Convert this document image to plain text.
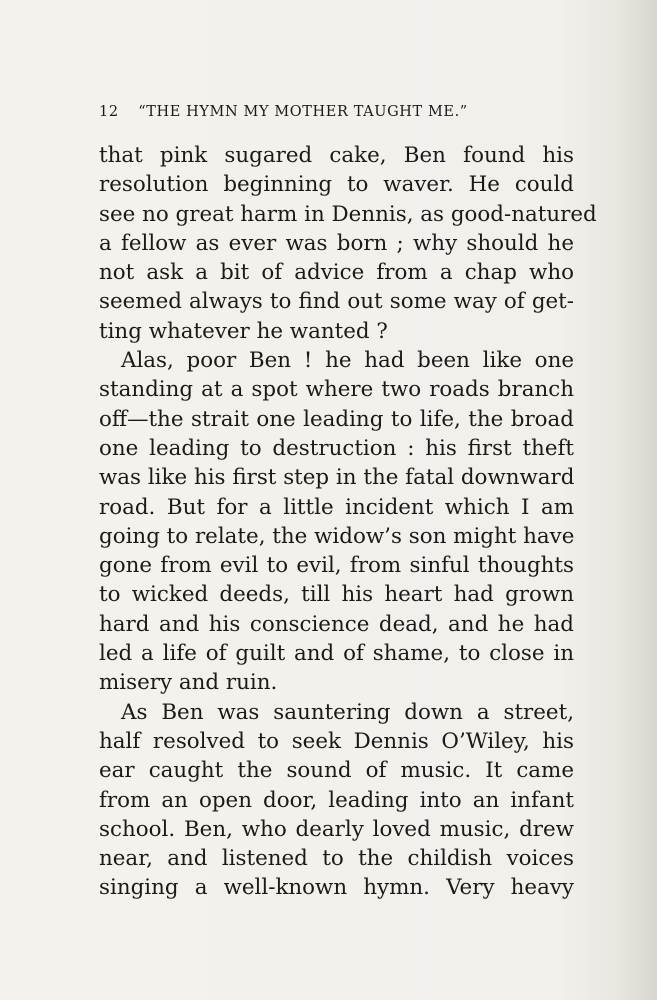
12 “THE HYMN MY MOTHER TAUGHT ME.”
that pink sugared cake, Ben found his
resolution beginning to waver. He could
see no great harm in Dennis, as good-natured
a fellow as ever was born ; why should he
not ask a bit of advice from a chap who
seemed always to find out some way of get-
ting whatever he wanted ?
Alas, poor Ben ! he had been like one
standing at a spot where two roads branch
off—the strait one leading to life, the broad
one leading to destruction : his first theft
was like his first step in the fatal downward
road. But for a little incident which I am
going to relate, the widow’s son might have
gone from evil to evil, from sinful thoughts
to wicked deeds, till his heart had grown
hard and his conscience dead, and he had
led a life of guilt and of shame, to close in
misery and ruin.
As Ben was sauntering down a street,
half resolved to seek Dennis O’Wiley, his
ear caught the sound of music. It came
from an open door, leading into an infant
school. Ben, who dearly loved music, drew
near, and listened to the childish voices
singing a well-known hymn. Very heavy
